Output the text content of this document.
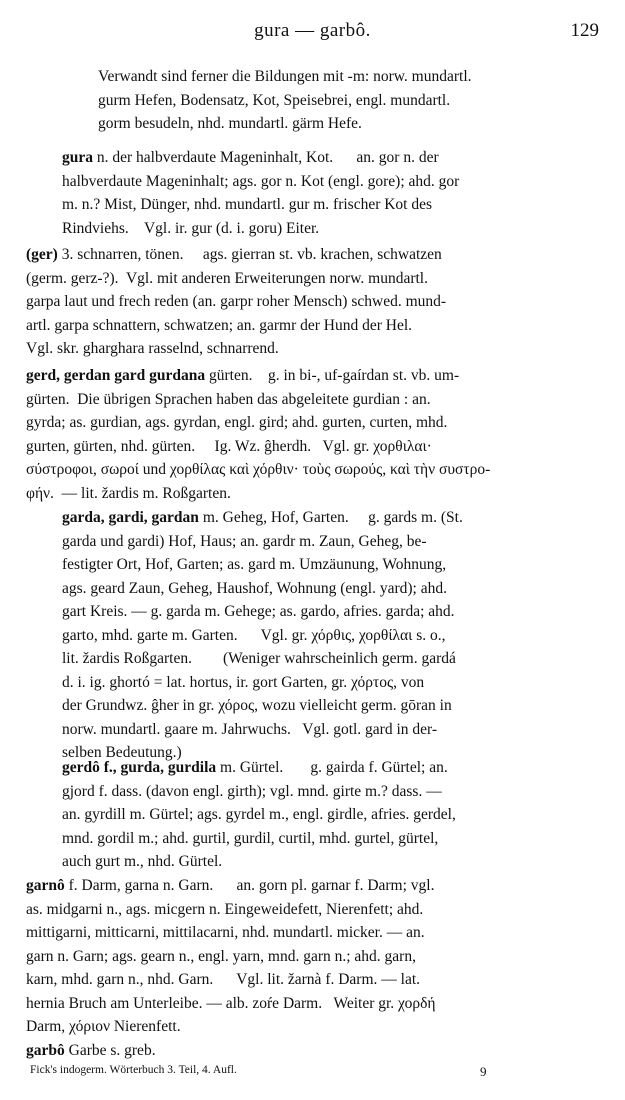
gura — garbô.	129
Verwandt sind ferner die Bildungen mit -m: norw. mundartl.
gurm Hefen, Bodensatz, Kot, Speisebrei, engl. mundartl.
gorm besudeln, nhd. mundartl. gärm Hefe.
gura n. der halbverdaute Mageninhalt, Kot.      an. gor n. der
halbverdaute Mageninhalt; ags. gor n. Kot (engl. gore); ahd. gor
m. n.? Mist, Dünger, nhd. mundartl. gur m. frischer Kot des
Rindviehs.    Vgl. ir. gur (d. i. goru) Eiter.
(ger) 3. schnarren, tönen.     ags. gierran st. vb. krachen, schwatzen
(germ. gerz-?).  Vgl. mit anderen Erweiterungen norw. mundartl.
garpa laut und frech reden (an. garpr roher Mensch) schwed. mund-
artl. garpa schnattern, schwatzen; an. garmr der Hund der Hel.
Vgl. skr. gharghara rasselnd, schnarrend.
gerd, gerdan gard gurdana gürten.    g. in bi-, uf-gaírdan st. vb. um-
gürten.  Die übrigen Sprachen haben das abgeleitete gurdian : an.
gyrda; as. gurdian, ags. gyrdan, engl. gird; ahd. gurten, curten, mhd.
gurten, gürten, nhd. gürten.     Ig. Wz. ĝherdh.   Vgl. gr. χορθιλαι·
σύστροφοι, σωροί und χορθίλας καὶ χόρθιν· τοὺς σωρούς, καὶ τὴν συστρο-
φήν.  — lit. žardis m. Roßgarten.
garda, gardi, gardan m. Geheg, Hof, Garten.     g. gards m. (St.
garda und gardi) Hof, Haus; an. gardr m. Zaun, Geheg, be-
festigter Ort, Hof, Garten; as. gard m. Umzäunung, Wohnung,
ags. geard Zaun, Geheg, Haushof, Wohnung (engl. yard); ahd.
gart Kreis. — g. garda m. Gehege; as. gardo, afries. garda; ahd.
garto, mhd. garte m. Garten.      Vgl. gr. χόρθις, χορθίλαι s. o.,
lit. žardis Roßgarten.        (Weniger wahrscheinlich germ. gardá
d. i. ig. ghortó = lat. hortus, ir. gort Garten, gr. χόρτος, von
der Grundwz. ĝher in gr. χόρος, wozu vielleicht germ. gōran in
norw. mundartl. gaare m. Jahrwuchs.   Vgl. gotl. gard in der-
selben Bedeutung.)
gerdô f., gurda, gurdila m. Gürtel.       g. gairda f. Gürtel; an.
gjord f. dass. (davon engl. girth); vgl. mnd. girte m.? dass. —
an. gyrdill m. Gürtel; ags. gyrdel m., engl. girdle, afries. gerdel,
mnd. gordil m.; ahd. gurtil, gurdil, curtil, mhd. gurtel, gürtel,
auch gurt m., nhd. Gürtel.
garnô f. Darm, garna n. Garn.      an. gorn pl. garnar f. Darm; vgl.
as. midgarni n., ags. micgern n. Eingeweidefett, Nierenfett; ahd.
mittigarni, mitticarni, mittilacarni, nhd. mundartl. micker. — an.
garn n. Garn; ags. gearn n., engl. yarn, mnd. garn n.; ahd. garn,
karn, mhd. garn n., nhd. Garn.      Vgl. lit. žarnà f. Darm. — lat.
hernia Bruch am Unterleibe. — alb. zoŕe Darm.   Weiter gr. χορδή
Darm, χόριον Nierenfett.
garbô Garbe s. greb.
Fick's indogerm. Wörterbuch 3. Teil, 4. Aufl.	9
